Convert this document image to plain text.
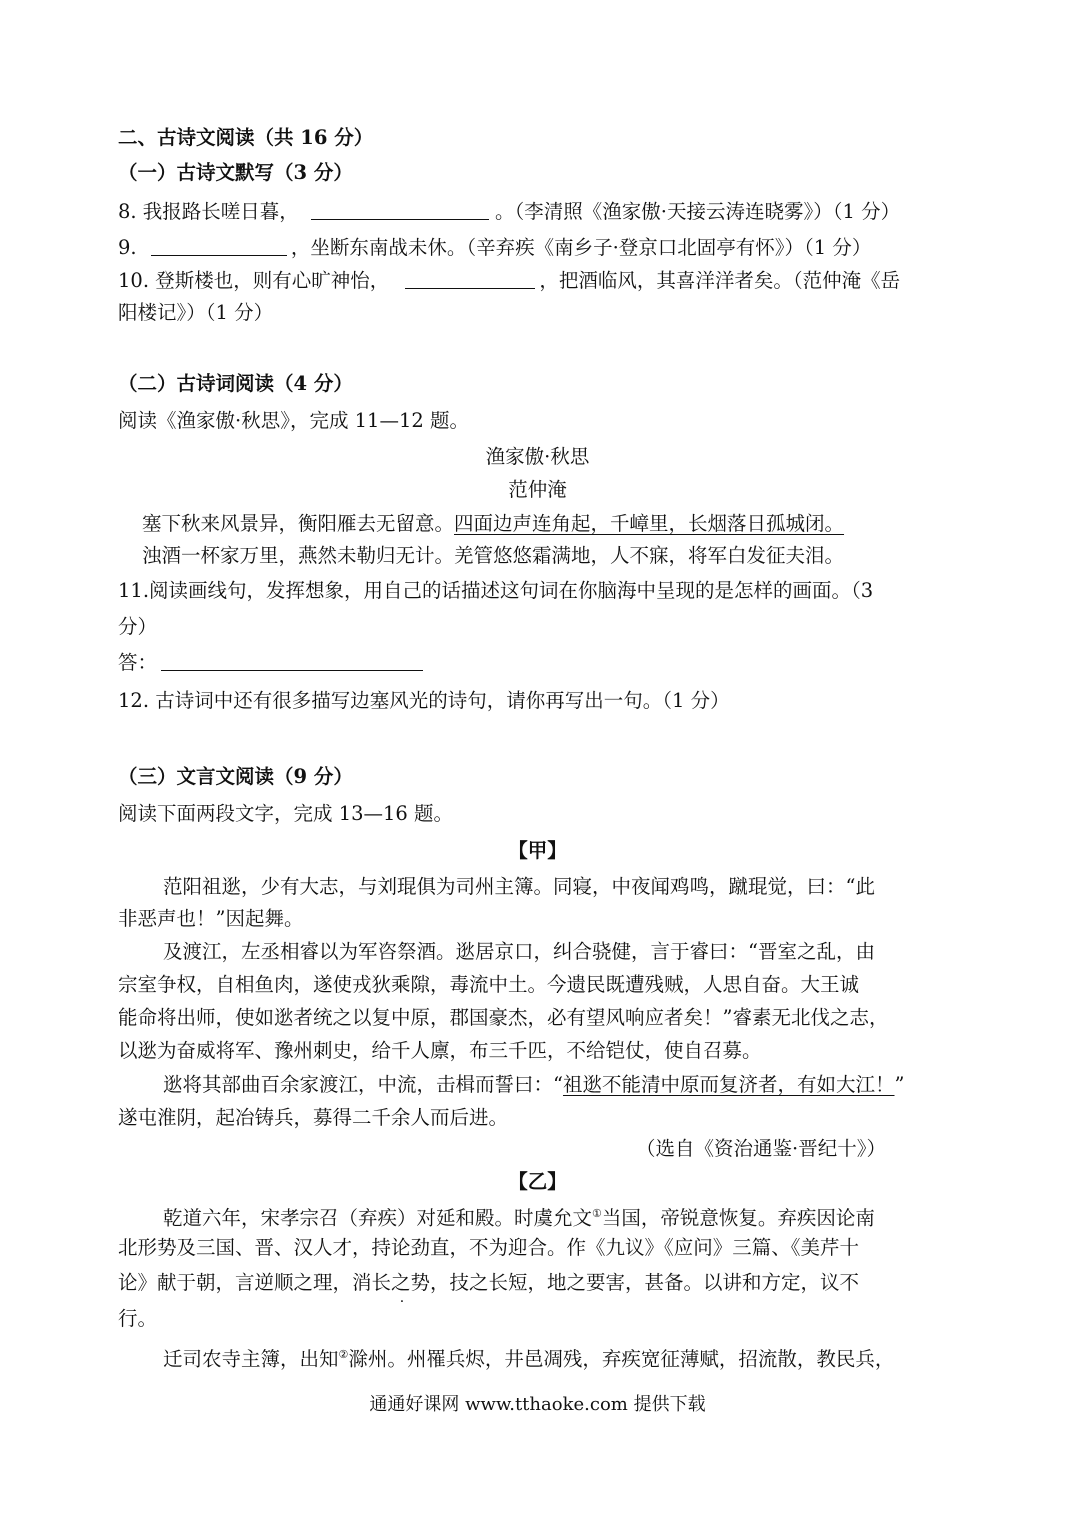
二、古诗文阅读（共 16 分）
（一）古诗文默写（3 分）
8. 我报路长嗟日暮，	。（李清照《渔家傲·天接云涛连晓雾》）（1 分）
9.	，坐断东南战未休。（辛弃疾《南乡子·登京口北固亭有怀》）（1 分）
10. 登斯楼也，则有心旷神怡，	，把酒临风，其喜洋洋者矣。（范仲淹《岳
阳楼记》）（1 分）
（二）古诗词阅读（4 分）
阅读《渔家傲·秋思》，完成 11—12 题。
渔家傲·秋思
范仲淹
塞下秋来风景异，衡阳雁去无留意。四面边声连角起，千嶂里，长烟落日孤城闭。
浊酒一杯家万里，燕然未勒归无计。羌管悠悠霜满地，人不寐，将军白发征夫泪。
11.阅读画线句，发挥想象，用自己的话描述这句词在你脑海中呈现的是怎样的画面。（3
分）
答：
12. 古诗词中还有很多描写边塞风光的诗句，请你再写出一句。（1 分）
（三）文言文阅读（9 分）
阅读下面两段文字，完成 13—16 题。
【甲】
范阳祖逖，少有大志，与刘琨俱为司州主簿。同寝，中夜闻鸡鸣，蹴琨觉，曰：“此
非恶声也！”因起舞。
及渡江，左丞相睿以为军咨祭酒。逖居京口，纠合骁健，言于睿曰：“晋室之乱，由
宗室争权，自相鱼肉，遂使戎狄乘隙，毒流中土。今遗民既遭残贼，人思自奋。大王诚
能命将出师，使如逖者统之以复中原，郡国豪杰，必有望风响应者矣！”睿素无北伐之志，
以逖为奋威将军、豫州刺史，给千人廪，布三千匹，不给铠仗，使自召募。
逖将其部曲百余家渡江，中流，击楫而誓曰：“祖逖不能清中原而复济者，有如大江！”
遂屯淮阴，起冶铸兵，募得二千余人而后进。
（选自《资治通鉴·晋纪十》）
【乙】
乾道六年，宋孝宗召（弃疾）对延和殿。时虞允文①当国，帝锐意恢复。弃疾因论南
北形势及三国、晋、汉人才，持论劲直，不为迎合。作《九议》《应问》三篇、《美芹十
论》献于朝，言逆顺之理，消长之势，技之长短，地之要害，甚备。以讲和方定，议不
行。
迁司农寺主簿，出知②滁州。州罹兵烬，井邑凋残，弃疾宽征薄赋，招流散，教民兵，
通通好课网 www.tthaoke.com 提供下载
